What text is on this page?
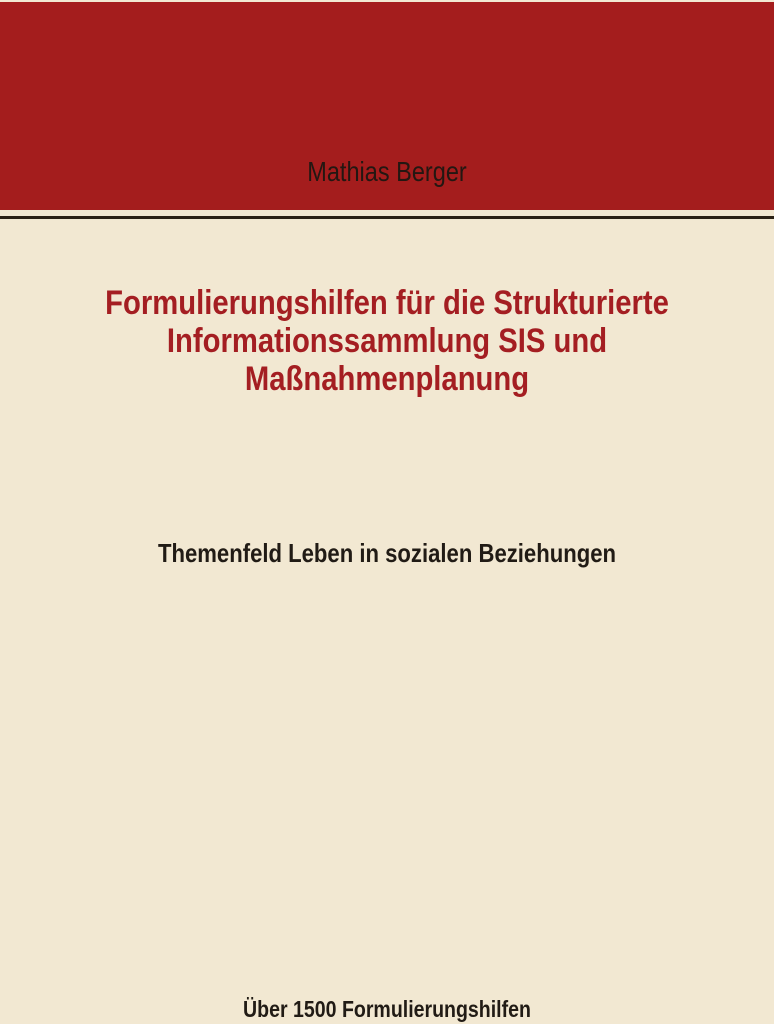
Mathias Berger
Formulierungshilfen für die Strukturierte
Informationssammlung SIS und
Maßnahmenplanung
Themenfeld Leben in sozialen Beziehungen
Über 1500 Formulierungshilfen
